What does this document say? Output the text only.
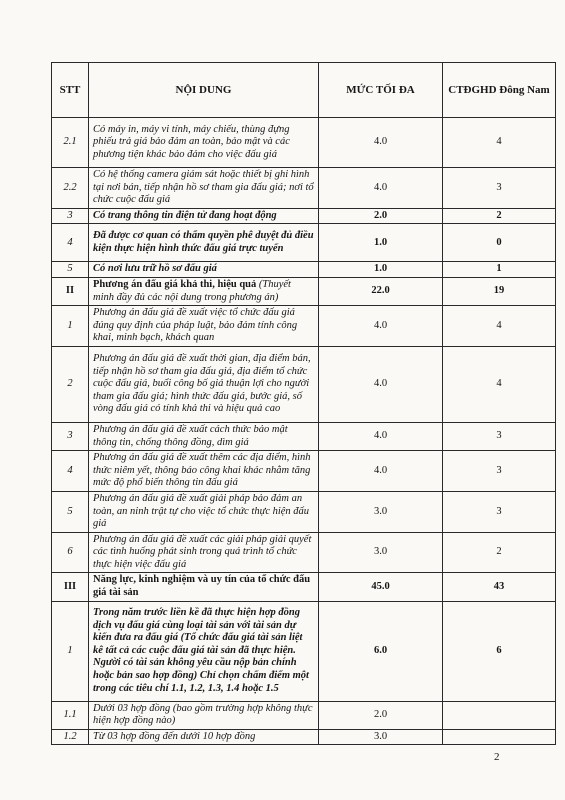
STT	NỘI DUNG	MỨC TỐI ĐA	CTĐGHD Đông Nam
2.1	Có máy in, máy vi tính, máy chiếu, thùng đựng phiếu trả giá bảo đảm an toàn, bảo mật và các phương tiện khác bảo đảm cho việc đấu giá	4.0	4
2.2	Có hệ thống camera giám sát hoặc thiết bị ghi hình tại nơi bán, tiếp nhận hồ sơ tham gia đấu giá; nơi tổ chức cuộc đấu giá	4.0	3
3	Có trang thông tin điện tử đang hoạt động	2.0	2
4	Đã được cơ quan có thẩm quyền phê duyệt đủ điều kiện thực hiện hình thức đấu giá trực tuyến	1.0	0
5	Có nơi lưu trữ hồ sơ đấu giá	1.0	1
II	Phương án đấu giá khả thi, hiệu quả (Thuyết minh đầy đủ các nội dung trong phương án)	22.0	19
1	Phương án đấu giá đề xuất việc tổ chức đấu giá đúng quy định của pháp luật, bảo đảm tính công khai, minh bạch, khách quan	4.0	4
2	Phương án đấu giá đề xuất thời gian, địa điểm bán, tiếp nhận hồ sơ tham gia đấu giá, địa điểm tổ chức cuộc đấu giá, buổi công bố giá thuận lợi cho người tham gia đấu giá; hình thức đấu giá, bước giá, số vòng đấu giá có tính khả thi và hiệu quả cao	4.0	4
3	Phương án đấu giá đề xuất cách thức bảo mật thông tin, chống thông đồng, dìm giá	4.0	3
4	Phương án đấu giá đề xuất thêm các địa điểm, hình thức niêm yết, thông báo công khai khác nhằm tăng mức độ phổ biến thông tin đấu giá	4.0	3
5	Phương án đấu giá đề xuất giải pháp bảo đảm an toàn, an ninh trật tự cho việc tổ chức thực hiện đấu giá	3.0	3
6	Phương án đấu giá đề xuất các giải pháp giải quyết các tình huống phát sinh trong quá trình tổ chức thực hiện việc đấu giá	3.0	2
III	Năng lực, kinh nghiệm và uy tín của tổ chức đấu giá tài sản	45.0	43
1	Trong năm trước liền kề đã thực hiện hợp đồng dịch vụ đấu giá cùng loại tài sản với tài sản dự kiến đưa ra đấu giá (Tổ chức đấu giá tài sản liệt kê tất cả các cuộc đấu giá tài sản đã thực hiện. Người có tài sản không yêu cầu nộp bản chính hoặc bản sao hợp đồng) Chỉ chọn chấm điểm một trong các tiêu chí 1.1, 1.2, 1.3, 1.4 hoặc 1.5	6.0	6
1.1	Dưới 03 hợp đồng (bao gồm trường hợp không thực hiện hợp đồng nào)	2.0	
1.2	Từ 03 hợp đồng đến dưới 10 hợp đồng	3.0	
2
